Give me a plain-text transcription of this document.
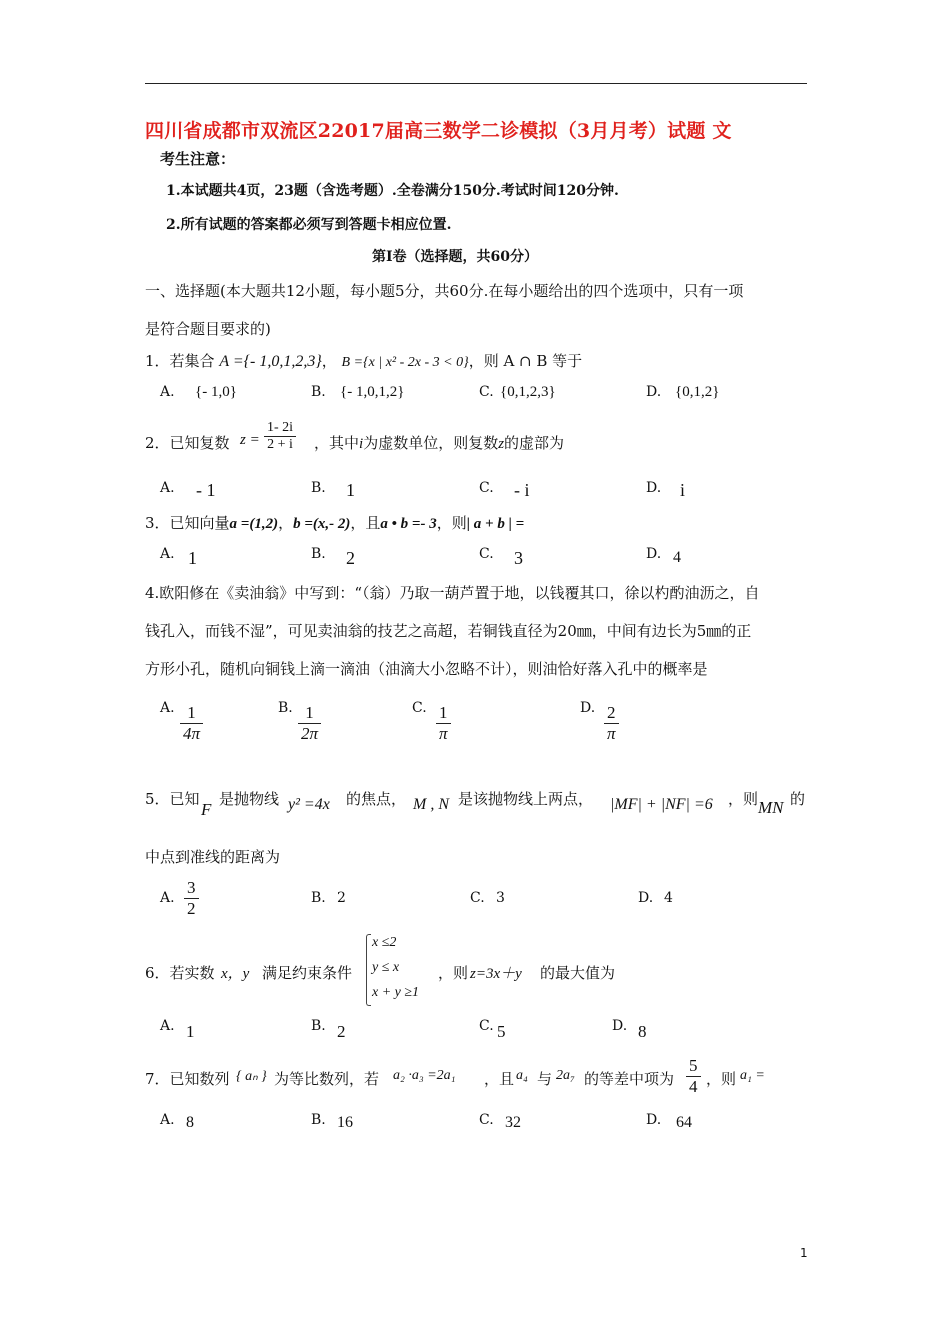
四川省成都市双流区22017届高三数学二诊模拟（3月月考）试题 文
考生注意：
1.本试题共4页，23题（含选考题）.全卷满分150分.考试时间120分钟.
2.所有试题的答案都必须写到答题卡相应位置.
第Ⅰ卷（选择题，共60分）
一、选择题(本大题共12小题，每小题5分，共60分.在每小题给出的四个选项中，只有一项
是符合题目要求的)
1．若集合 A ={- 1,0,1,2,3}， B ={x | x² - 2x - 3 < 0}，则 A ∩ B 等于
A. {- 1,0}	B. {- 1,0,1,2}	C. {0,1,2,3}	D. {0,1,2}
2．已知复数 $z = \frac{1- 2i}{2 + i}$ ，其中i为虚数单位，则复数z的虚部为
A. - 1	B. 1	C. - i	D. i
3．已知向量a =(1,2)，b =(x,- 2)，且a • b =- 3，则| a + b | =
A. 1	B. 2	C. 3	D. 4
4.欧阳修在《卖油翁》中写到：“（翁）乃取一葫芦置于地，以钱覆其口，徐以杓酌油沥之，自
钱孔入，而钱不湿”，可见卖油翁的技艺之高超，若铜钱直径为20㎜，中间有边长为5㎜的正
方形小孔，随机向铜钱上滴一滴油（油滴大小忽略不计），则油恰好落入孔中的概率是
A. $\frac{1}{4\pi}$	B. $\frac{1}{2\pi}$	C. $\frac{1}{\pi}$	D. $\frac{2}{\pi}$
5．已知
F
是抛物线 y² =4x 的焦点， M , N 是该抛物线上两点， |MF| + |NF| =6 ，则 MN 的
中点到准线的距离为
A. $\frac{3}{2}$	B. 2	C. 3	D. 4
6．若实数 x，y 满足约束条件
x ≤2
y ≤ x
x + y ≥1
，则 z=3x＋y 的最大值为
A. 1	B. 2	C. 5	D. 8
7．已知数列 { aₙ } 为等比数列，若 a₂ ·a₃ =2a₁ ，且 a₄ 与 2a₇ 的等差中项为 $\frac{5}{4}$ ，则 a₁ =
A. 8	B. 16	C. 32	D. 64
1
